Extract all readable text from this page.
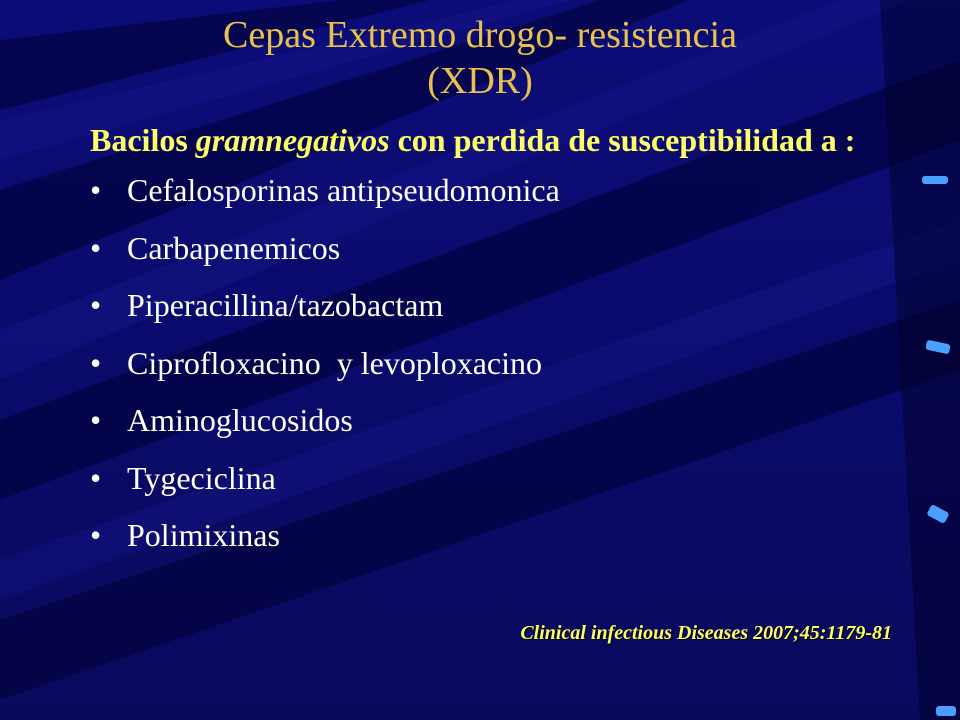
Cepas Extremo drogo- resistencia
(XDR)

Bacilos gramnegativos con perdida de susceptibilidad a :

• Cefalosporinas antipseudomonica
• Carbapenemicos
• Piperacillina/tazobactam
• Ciprofloxacino  y levoploxacino
• Aminoglucosidos
• Tygeciclina
• Polimixinas
Clinical infectious Diseases 2007;45:1179-81
